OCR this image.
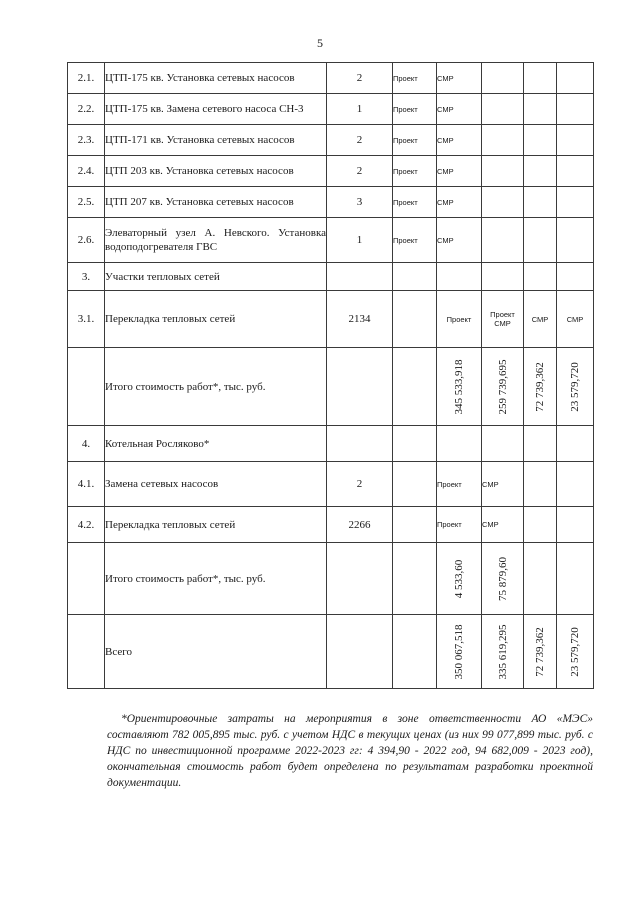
5
2.1.	ЦТП-175 кв. Установка сетевых насосов	2	Проект	СМР			
2.2.	ЦТП-175 кв. Замена сетевого насоса СН-3	1	Проект	СМР			
2.3.	ЦТП-171 кв. Установка сетевых насосов	2	Проект	СМР			
2.4.	ЦТП 203 кв. Установка сетевых насосов	2	Проект	СМР			
2.5.	ЦТП 207 кв. Установка сетевых насосов	3	Проект	СМР			
2.6.	Элеваторный узел А. Невского. Установка водоподогревателя ГВС	1	Проект	СМР			
3.	Участки тепловых сетей						
3.1.	Перекладка тепловых сетей	2134		Проект	Проект СМР	СМР	СМР
	Итого стоимость работ*, тыс. руб.			345 533,918	259 739,695	72 739,362	23 579,720

4.	Котельная Росляково*						
4.1.	Замена сетевых насосов	2		Проект	СМР		
4.2.	Перекладка тепловых сетей	2266		Проект	СМР		
	Итого стоимость работ*, тыс. руб.			4 533,60	75 879,60		

	Всего			350 067,518	335 619,295	72 739,362	23 579,720
*Ориентировочные затраты на мероприятия в зоне ответственности АО «МЭС» составляют 782 005,895 тыс. руб. с учетом НДС в текущих ценах (из них 99 077,899 тыс. руб. с НДС по инвестиционной программе 2022-2023 гг: 4 394,90 - 2022 год, 94 682,009 - 2023 год), окончательная стоимость работ будет определена по результатам разработки проектной документации.
